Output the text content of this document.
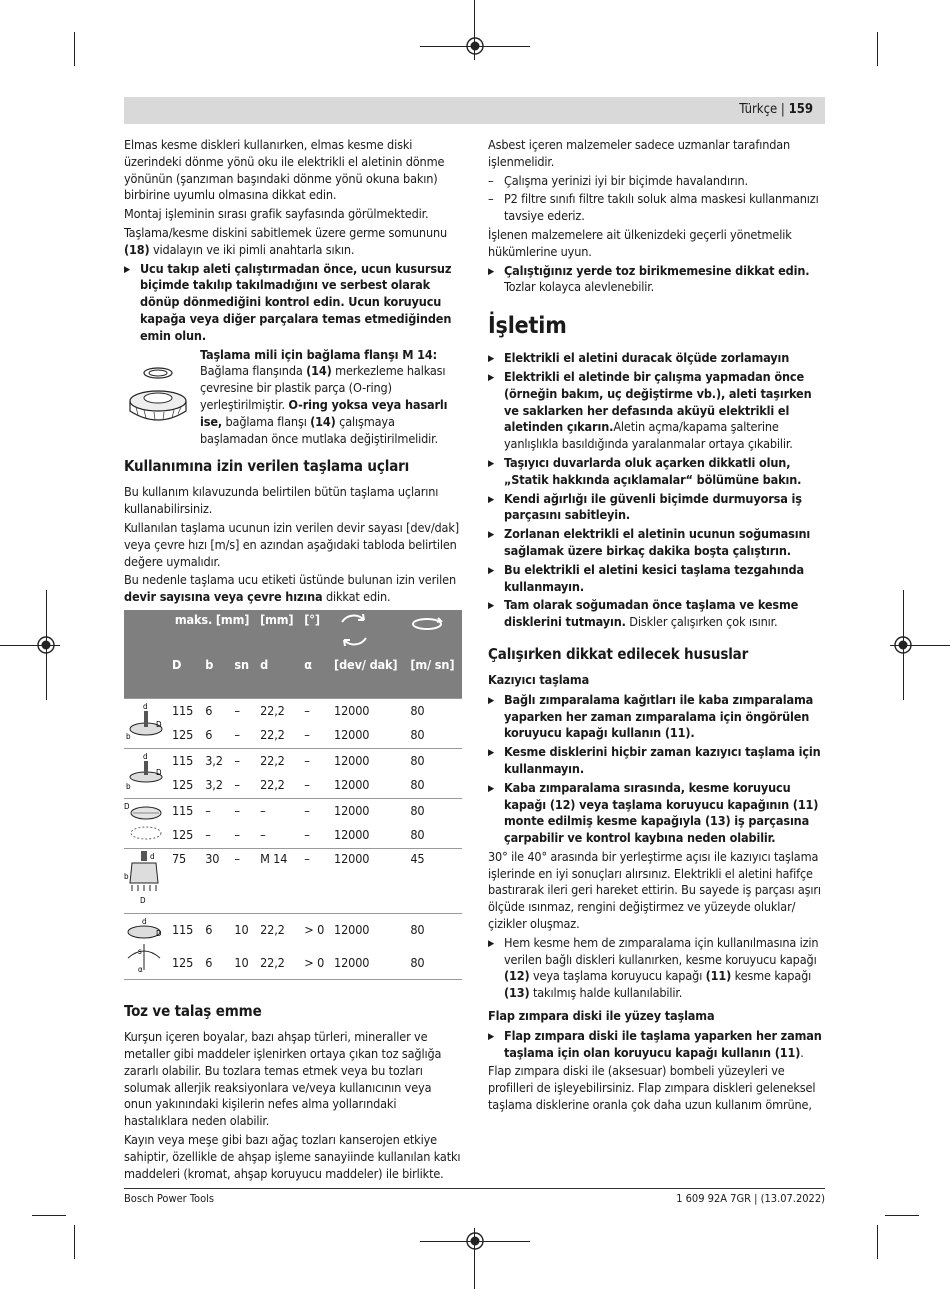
Türkçe | 159

Elmas kesme diskleri kullanırken, elmas kesme diski üzerindeki dönme yönü oku ile elektrikli el aletinin dönme yönünün (şanzıman başındaki dönme yönü okuna bakın) birbirine uyumlu olmasına dikkat edin.

Montaj işleminin sırası grafik sayfasında görülmektedir.

Taşlama/kesme diskini sabitlemek üzere germe somununu (18) vidalayın ve iki pimli anahtarla sıkın.

▶ Ucu takıp aleti çalıştırmadan önce, ucun kusursuz biçimde takılıp takılmadığını ve serbest olarak dönüp dönmediğini kontrol edin. Ucun koruyucu kapağa veya diğer parçalara temas etmediğinden emin olun.
Taşlama mili için bağlama flanşı M 14: Bağlama flanşında (14) merkezleme halkası çevresine bir plastik parça (O-ring) yerleştirilmiştir. O-ring yoksa veya hasarlı ise, bağlama flanşı (14) çalışmaya başlamadan önce mutlaka değiştirilmelidir.
Kullanımına izin verilen taşlama uçları

Bu kullanım kılavuzunda belirtilen bütün taşlama uçlarını kullanabilirsiniz.

Kullanılan taşlama ucunun izin verilen devir sayası [dev/dak] veya çevre hızı [m/s] en azından aşağıdaki tabloda belirtilen değere uymalıdır.

Bu nedenle taşlama ucu etiketi üstünde bulunan izin verilen devir sayısına veya çevre hızına dikkat edin.

	maks. [mm]			[mm]	[°]		
	D	b	sn	d	α	[dev/ dak]	[m/ sn]

b
D
d	115	6	–	22,2	–	12000	80
	125	6	–	22,2	–	12000	80

b
D
d	115	3,2	–	22,2	–	12000	80
	125	3,2	–	22,2	–	12000	80

D	115	–	–	–	–	12000	80
	125	–	–	–	–	12000	80

d
b
D	75	30	–	M 14	–	12000	45

d
D
s
α	115	6	10	22,2	> 0	12000	80
	125	6	10	22,2	> 0	12000	80

Toz ve talaş emme

Kurşun içeren boyalar, bazı ahşap türleri, mineraller ve metaller gibi maddeler işlenirken ortaya çıkan toz sağlığa zararlı olabilir. Bu tozlara temas etmek veya bu tozları solumak allerjik reaksiyonlara ve/veya kullanıcının veya onun yakınındaki kişilerin nefes alma yollarındaki hastalıklara neden olabilir.

Kayın veya meşe gibi bazı ağaç tozları kanserojen etkiye sahiptir, özellikle de ahşap işleme sanayiinde kullanılan katkı maddeleri (kromat, ahşap koruyucu maddeler) ile birlikte.

Asbest içeren malzemeler sadece uzmanlar tarafından işlenmelidir.

– Çalışma yerinizi iyi bir biçimde havalandırın.
– P2 filtre sınıfı filtre takılı soluk alma maskesi kullanmanızı tavsiye ederiz.

İşlenen malzemelere ait ülkenizdeki geçerli yönetmelik hükümlerine uyun.

▶ Çalıştığınız yerde toz birikmemesine dikkat edin. Tozlar kolayca alevlenebilir.
İşletim
▶ Elektrikli el aletini duracak ölçüde zorlamayın
▶ Elektrikli el aletinde bir çalışma yapmadan önce (örneğin bakım, uç değiştirme vb.), aleti taşırken ve saklarken her defasında aküyü elektrikli el aletinden çıkarın.Aletin açma/kapama şalterine yanlışlıkla basıldığında yaralanmalar ortaya çıkabilir.
▶ Taşıyıcı duvarlarda oluk açarken dikkatli olun, „Statik hakkında açıklamalar“ bölümüne bakın.
▶ Kendi ağırlığı ile güvenli biçimde durmuyorsa iş parçasını sabitleyin.
▶ Zorlanan elektrikli el aletinin ucunun soğumasını sağlamak üzere birkaç dakika boşta çalıştırın.
▶ Bu elektrikli el aletini kesici taşlama tezgahında kullanmayın.
▶ Tam olarak soğumadan önce taşlama ve kesme disklerini tutmayın. Diskler çalışırken çok ısınır.
Çalışırken dikkat edilecek hususlar
Kazıyıcı taşlama
▶ Bağlı zımparalama kağıtları ile kaba zımparalama yaparken her zaman zımparalama için öngörülen koruyucu kapağı kullanın (11).
▶ Kesme disklerini hiçbir zaman kazıyıcı taşlama için kullanmayın.
▶ Kaba zımparalama sırasında, kesme koruyucu kapağı (12) veya taşlama koruyucu kapağının (11) monte edilmiş kesme kapağıyla (13) iş parçasına çarpabilir ve kontrol kaybına neden olabilir.

30° ile 40° arasında bir yerleştirme açısı ile kazıyıcı taşlama işlerinde en iyi sonuçları alırsınız. Elektrikli el aletini hafifçe bastırarak ileri geri hareket ettirin. Bu sayede iş parçası aşırı ölçüde ısınmaz, rengini değiştirmez ve yüzeyde oluklar/çizikler oluşmaz.

▶ Hem kesme hem de zımparalama için kullanılmasına izin verilen bağlı diskleri kullanırken, kesme koruyucu kapağı (12) veya taşlama koruyucu kapağı (11) kesme kapağı (13) takılmış halde kullanılabilir.
Flap zımpara diski ile yüzey taşlama
▶ Flap zımpara diski ile taşlama yaparken her zaman taşlama için olan koruyucu kapağı kullanın (11).

Flap zımpara diski ile (aksesuar) bombeli yüzeyleri ve profilleri de işleyebilirsiniz. Flap zımpara diskleri geleneksel taşlama disklerine oranla çok daha uzun kullanım ömrüne,

Bosch Power Tools	1 609 92A 7GR | (13.07.2022)
